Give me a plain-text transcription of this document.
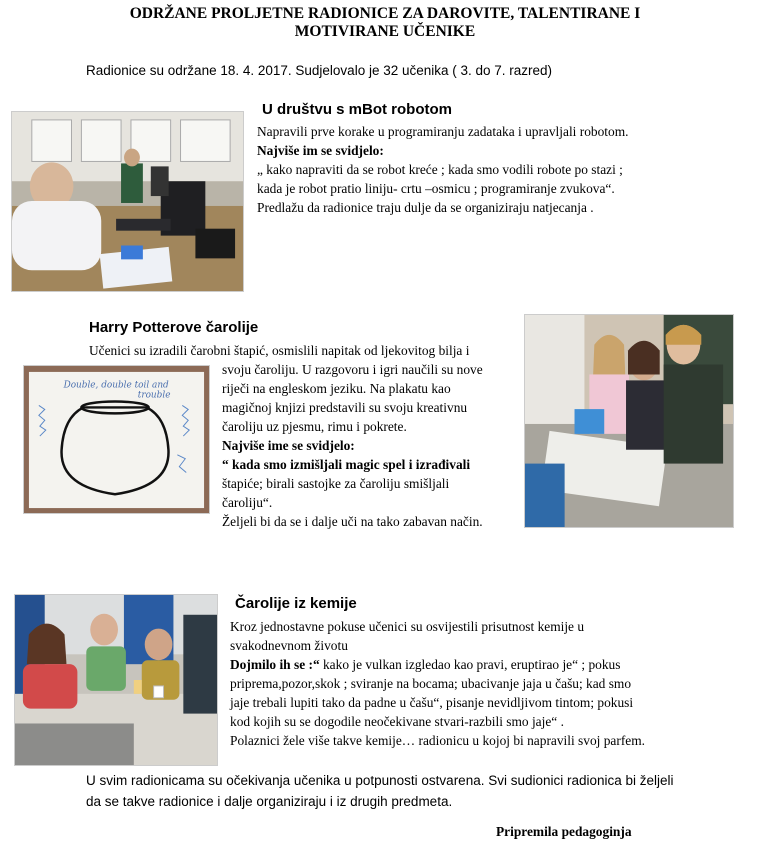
ODRŽANE PROLJETNE RADIONICE ZA DAROVITE, TALENTIRANE I
MOTIVIRANE UČENIKE
Radionice su održane 18. 4. 2017. Sudjelovalo je 32 učenika ( 3. do 7. razred)
U društvu s mBot robotom
Napravili prve korake u programiranju zadataka i upravljali robotom.
Najviše im se svidjelo:
„ kako napraviti da se robot kreće ; kada smo vodili robote po stazi ;
kada je robot pratio liniju- crtu –osmicu ; programiranje zvukova“.
Predlažu da radionice traju dulje da se organiziraju natjecanja .
Harry Potterove čarolije
Učenici su izradili čarobni štapić, osmislili napitak od ljekovitog bilja i
Double, double toil and
trouble
svoju čaroliju. U razgovoru i igri naučili su nove
riječi na engleskom jeziku. Na plakatu kao
magičnoj knjizi predstavili su svoju kreativnu
čaroliju uz pjesmu, rimu i pokrete.
Najviše ime se svidjelo:
“ kada smo izmišljali magic spel i izrađivali
štapiće; birali sastojke za čaroliju smišljali
čaroliju“.
Željeli bi da se i dalje uči na tako zabavan način.
Čarolije iz kemije
Kroz jednostavne pokuse učenici su osvijestili prisutnost kemije u
svakodnevnom životu
Dojmilo ih se :“ kako je vulkan izgledao kao pravi, eruptirao je“ ; pokus
pripremа,pozor,skok ; sviranje na bocama; ubacivanje jaja u čašu; kad smo
jaje trebali lupiti tako da padne u čašu“, pisanje nevidljivom tintom; pokusi
kod kojih su se dogodile neočekivane stvari-razbili smo jaje“ .
Polaznici žele više takve kemije… radionicu u kojoj bi napravili svoj parfem.
U svim radionicama su očekivanja učenika u potpunosti ostvarena. Svi sudionici radionica bi željeli
da se takve radionice i dalje organiziraju i iz drugih predmeta.
Pripremila pedagoginja
